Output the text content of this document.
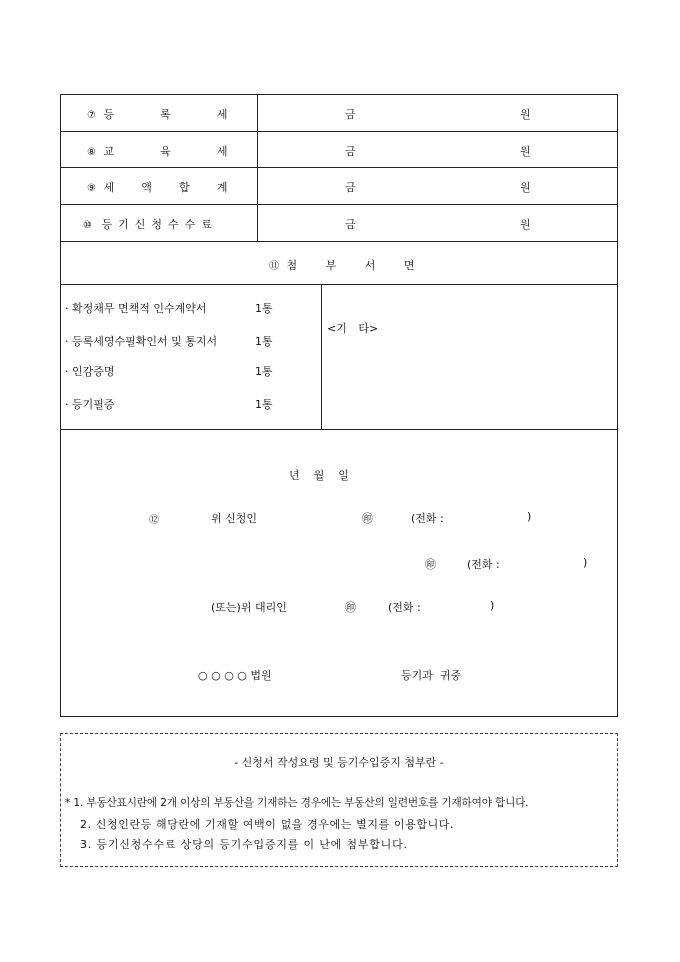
⑦ 등 록 세	금	원
⑧ 교 육 세	금	원
⑨ 세 액 합 계	금	원
⑩ 등기신청수수료	금	원
⑪ 첨 부 서 면
· 확정채무 면책적 인수계약서	1통
· 등록세영수필확인서 및 통지서	1통
· 인감증명	1통
· 등기필증	1통
<기 타>
년    월    일
⑫	위 신청인	㊞	(전화 :	)
㊞	(전화 :	)
(또는)위 대리인	㊞	(전화 :	)
○ ○ ○ ○ 법원	등기과  귀중
- 신청서 작성요령 및 등기수입증지 첨부란 -
* 1. 부동산표시란에 2개 이상의 부동산을 기재하는 경우에는 부동산의 일련번호를 기재하여야 합니다.
2. 신청인란등 해당란에 기재할 여백이 없을 경우에는 별지를 이용합니다.
3. 등기신청수수료 상당의 등기수입증지를 이 난에 첨부합니다.
